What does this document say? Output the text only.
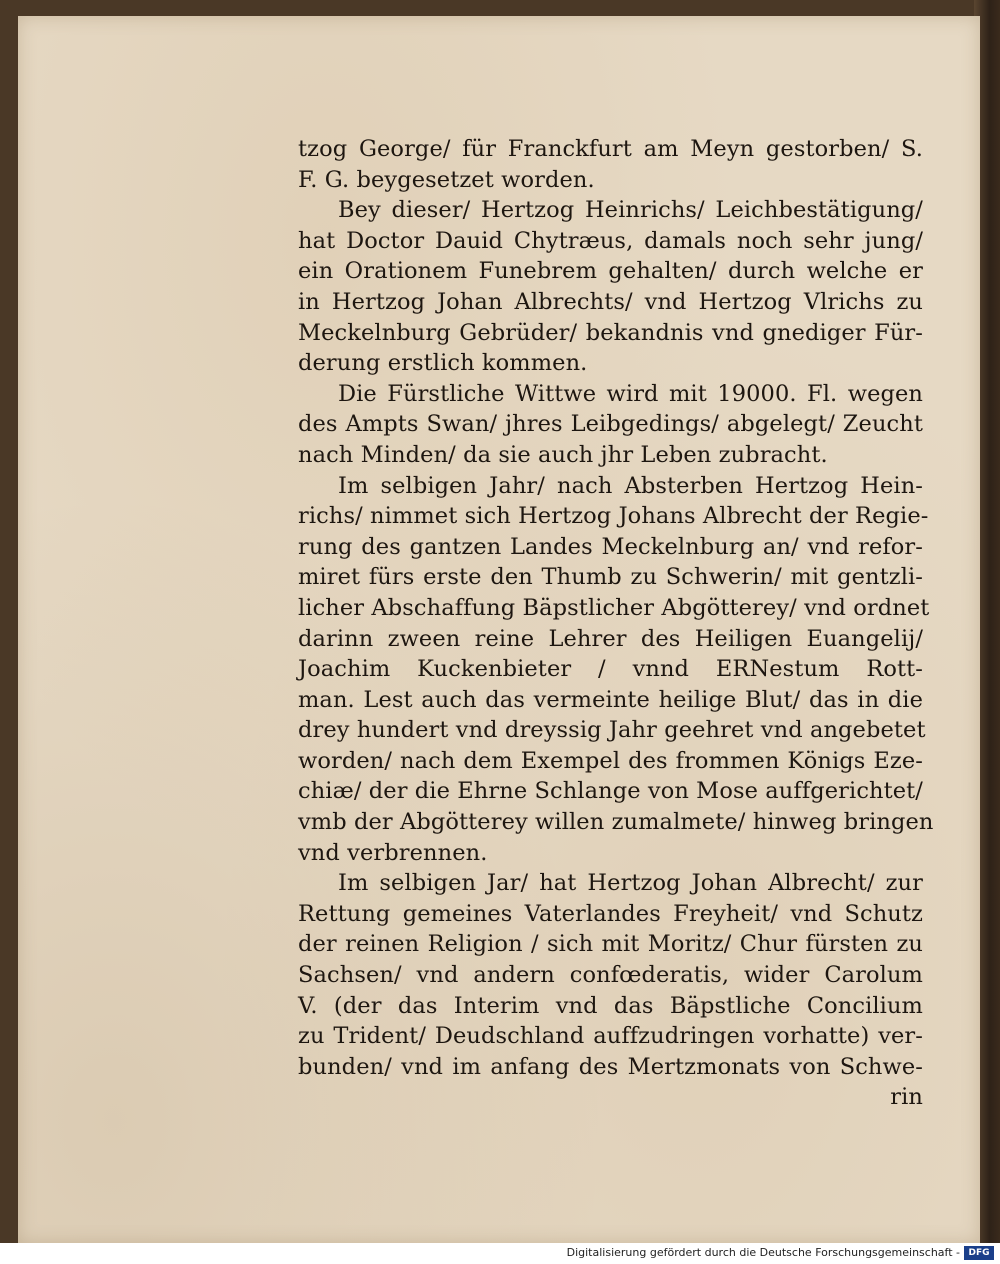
tzog George/ für Franckfurt am Meyn gestorben/ S.
F. G. beygesetzet worden.
Bey dieser/ Hertzog Heinrichs/ Leichbestätigung/
hat Doctor Dauid Chytræus, damals noch sehr jung/
ein Orationem Funebrem gehalten/ durch welche er
in Hertzog Johan Albrechts/ vnd Hertzog Vlrichs zu
Meckelnburg Gebrüder/ bekandnis vnd gnediger Für-
derung erstlich kommen.
Die Fürstliche Wittwe wird mit 19000. Fl. wegen
des Ampts Swan/ jhres Leibgedings/ abgelegt/ Zeucht
nach Minden/ da sie auch jhr Leben zubracht.
Im selbigen Jahr/ nach Absterben Hertzog Hein-
richs/ nimmet sich Hertzog Johans Albrecht der Regie-
rung des gantzen Landes Meckelnburg an/ vnd refor-
miret fürs erste den Thumb zu Schwerin/ mit gentzli-
licher Abschaffung Bäpstlicher Abgötterey/ vnd ordnet
darinn zween reine Lehrer des Heiligen Euangelij/
Joachim Kuckenbieter / vnnd ERNestum Rott-
man. Lest auch das vermeinte heilige Blut/ das in die
drey hundert vnd dreyssig Jahr geehret vnd angebetet
worden/ nach dem Exempel des frommen Königs Eze-
chiæ/ der die Ehrne Schlange von Mose auffgerichtet/
vmb der Abgötterey willen zumalmete/ hinweg bringen
vnd verbrennen.
Im selbigen Jar/ hat Hertzog Johan Albrecht/ zur
Rettung gemeines Vaterlandes Freyheit/ vnd Schutz
der reinen Religion / sich mit Moritz/ Chur fürsten zu
Sachsen/ vnd andern confœderatis, wider Carolum
V. (der das Interim vnd das Bäpstliche Concilium
zu Trident/ Deudschland auffzudringen vorhatte) ver-
bunden/ vnd im anfang des Mertzmonats von Schwe-
rin
Digitalisierung gefördert durch die Deutsche Forschungsgemeinschaft - DFG
